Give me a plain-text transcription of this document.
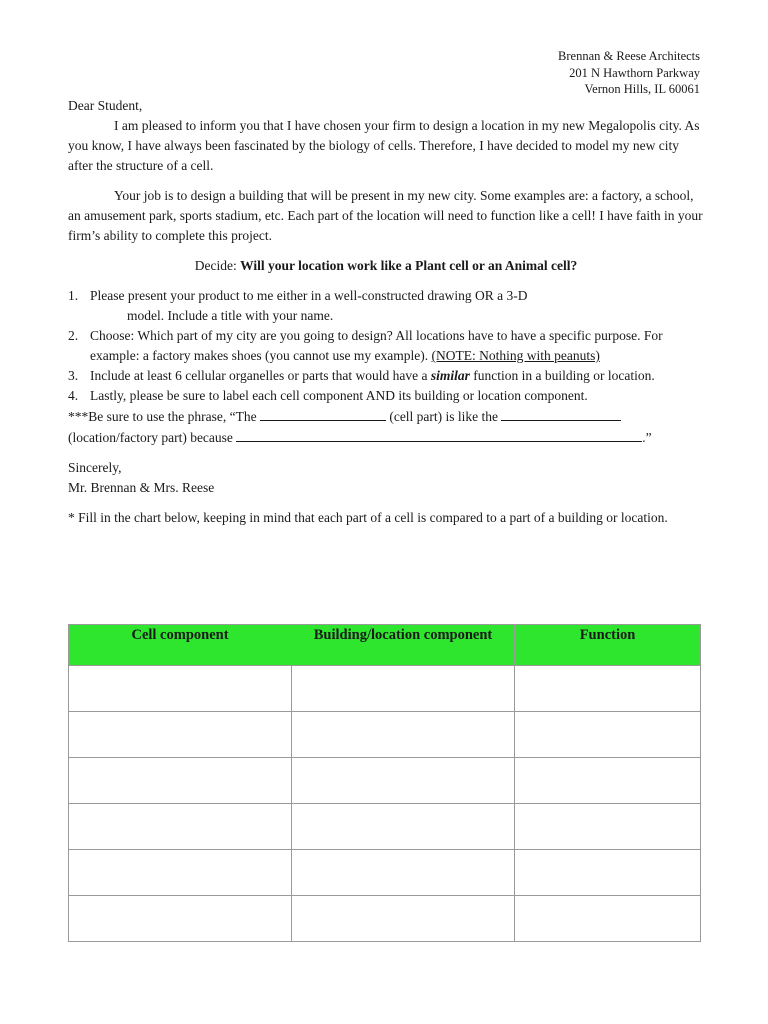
Brennan & Reese Architects
201 N Hawthorn Parkway
Vernon Hills, IL 60061

Dear Student,

I am pleased to inform you that I have chosen your firm to design a location in my new Megalopolis city. As you know, I have always been fascinated by the biology of cells. Therefore, I have decided to model my new city after the structure of a cell.

Your job is to design a building that will be present in my new city. Some examples are: a factory, a school, an amusement park, sports stadium, etc. Each part of the location will need to function like a cell! I have faith in your firm’s ability to complete this project.

Decide: Will your location work like a Plant cell or an Animal cell?

1. Please present your product to me either in a well-constructed drawing OR a 3-D
model. Include a title with your name.
2. Choose: Which part of my city are you going to design? All locations have to have a specific purpose. For example: a factory makes shoes (you cannot use my example). (NOTE: Nothing with peanuts)
3. Include at least 6 cellular organelles or parts that would have a similar function in a building or location.
4. Lastly, please be sure to label each cell component AND its building or location component.

***Be sure to use the phrase, “The	(cell part) is like the

(location/factory part) because	.”

Sincerely,

Mr. Brennan & Mrs. Reese

* Fill in the chart below, keeping in mind that each part of a cell is compared to a part of a building or location.

Cell component	Building/location component	Function
